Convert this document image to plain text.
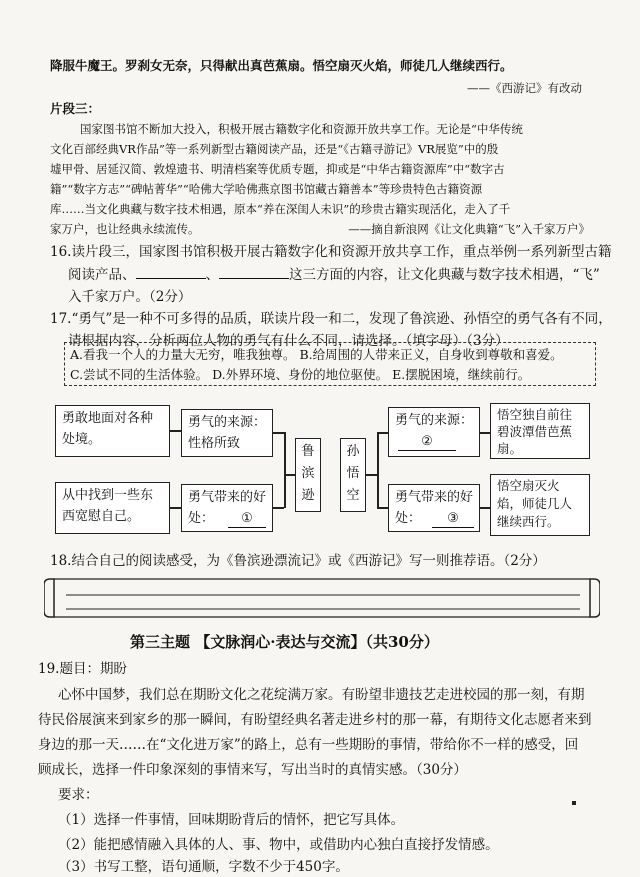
降服牛魔王。罗刹女无奈，只得献出真芭蕉扇。悟空扇灭火焰，师徒几人继续西行。
——《西游记》有改动
片段三：
国家图书馆不断加大投入，积极开展古籍数字化和资源开放共享工作。无论是“中华传统
文化百部经典VR作品”等一系列新型古籍阅读产品，还是“《古籍寻游记》VR展览”中的殷
墟甲骨、居延汉简、敦煌遗书、明清档案等优质专题，抑或是“中华古籍资源库”中“数字古
籍”“数字方志”“碑帖菁华”“哈佛大学哈佛燕京图书馆藏古籍善本”等珍贵特色古籍资源
库……当文化典藏与数字技术相遇，原本“养在深闺人未识”的珍贵古籍实现活化，走入了千
家万户，也让经典永续流传。	——摘自新浪网《让文化典籍“飞”入千家万户》
16.读片段三，国家图书馆积极开展古籍数字化和资源开放共享工作，重点举例一系列新型古籍
阅读产品、	、	这三方面的内容，让文化典藏与数字技术相遇，“飞”
入千家万户。（2分）
17.“勇气”是一种不可多得的品质，联读片段一和二，发现了鲁滨逊、孙悟空的勇气各有不同，
请根据内容，分析两位人物的勇气有什么不同，请选择。（填字母）（3分）
A.看我一个人的力量大无穷，唯我独尊。 B.给周围的人带来正义，自身收到尊敬和喜爱。
C.尝试不同的生活体验。 D.外界环境、身份的地位驱使。 E.摆脱困境，继续前行。
勇敢地面对各种处境。
从中找到一些东西宽慰自己。
勇气的来源：
性格所致
勇气带来的好处：	①
鲁
滨
逊
孙
悟
空
勇气的来源：
②
勇气带来的好处：	③
悟空独自前往碧波潭借芭蕉扇。
悟空扇灭火焰，师徒几人继续西行。
18.结合自己的阅读感受，为《鲁滨逊漂流记》或《西游记》写一则推荐语。（2分）
第三主题 【文脉润心·表达与交流】（共30分）
19.题目：期盼
心怀中国梦，我们总在期盼文化之花绽满万家。有盼望非遗技艺走进校园的那一刻，有期
待民俗展演来到家乡的那一瞬间，有盼望经典名著走进乡村的那一幕，有期待文化志愿者来到
身边的那一天……在“文化进万家”的路上，总有一些期盼的事情，带给你不一样的感受，回
顾成长，选择一件印象深刻的事情来写，写出当时的真情实感。（30分）
要求：
（1）选择一件事情，回味期盼背后的情怀，把它写具体。
（2）能把感情融入具体的人、事、物中，或借助内心独白直接抒发情感。
（3）书写工整，语句通顺，字数不少于450字。
